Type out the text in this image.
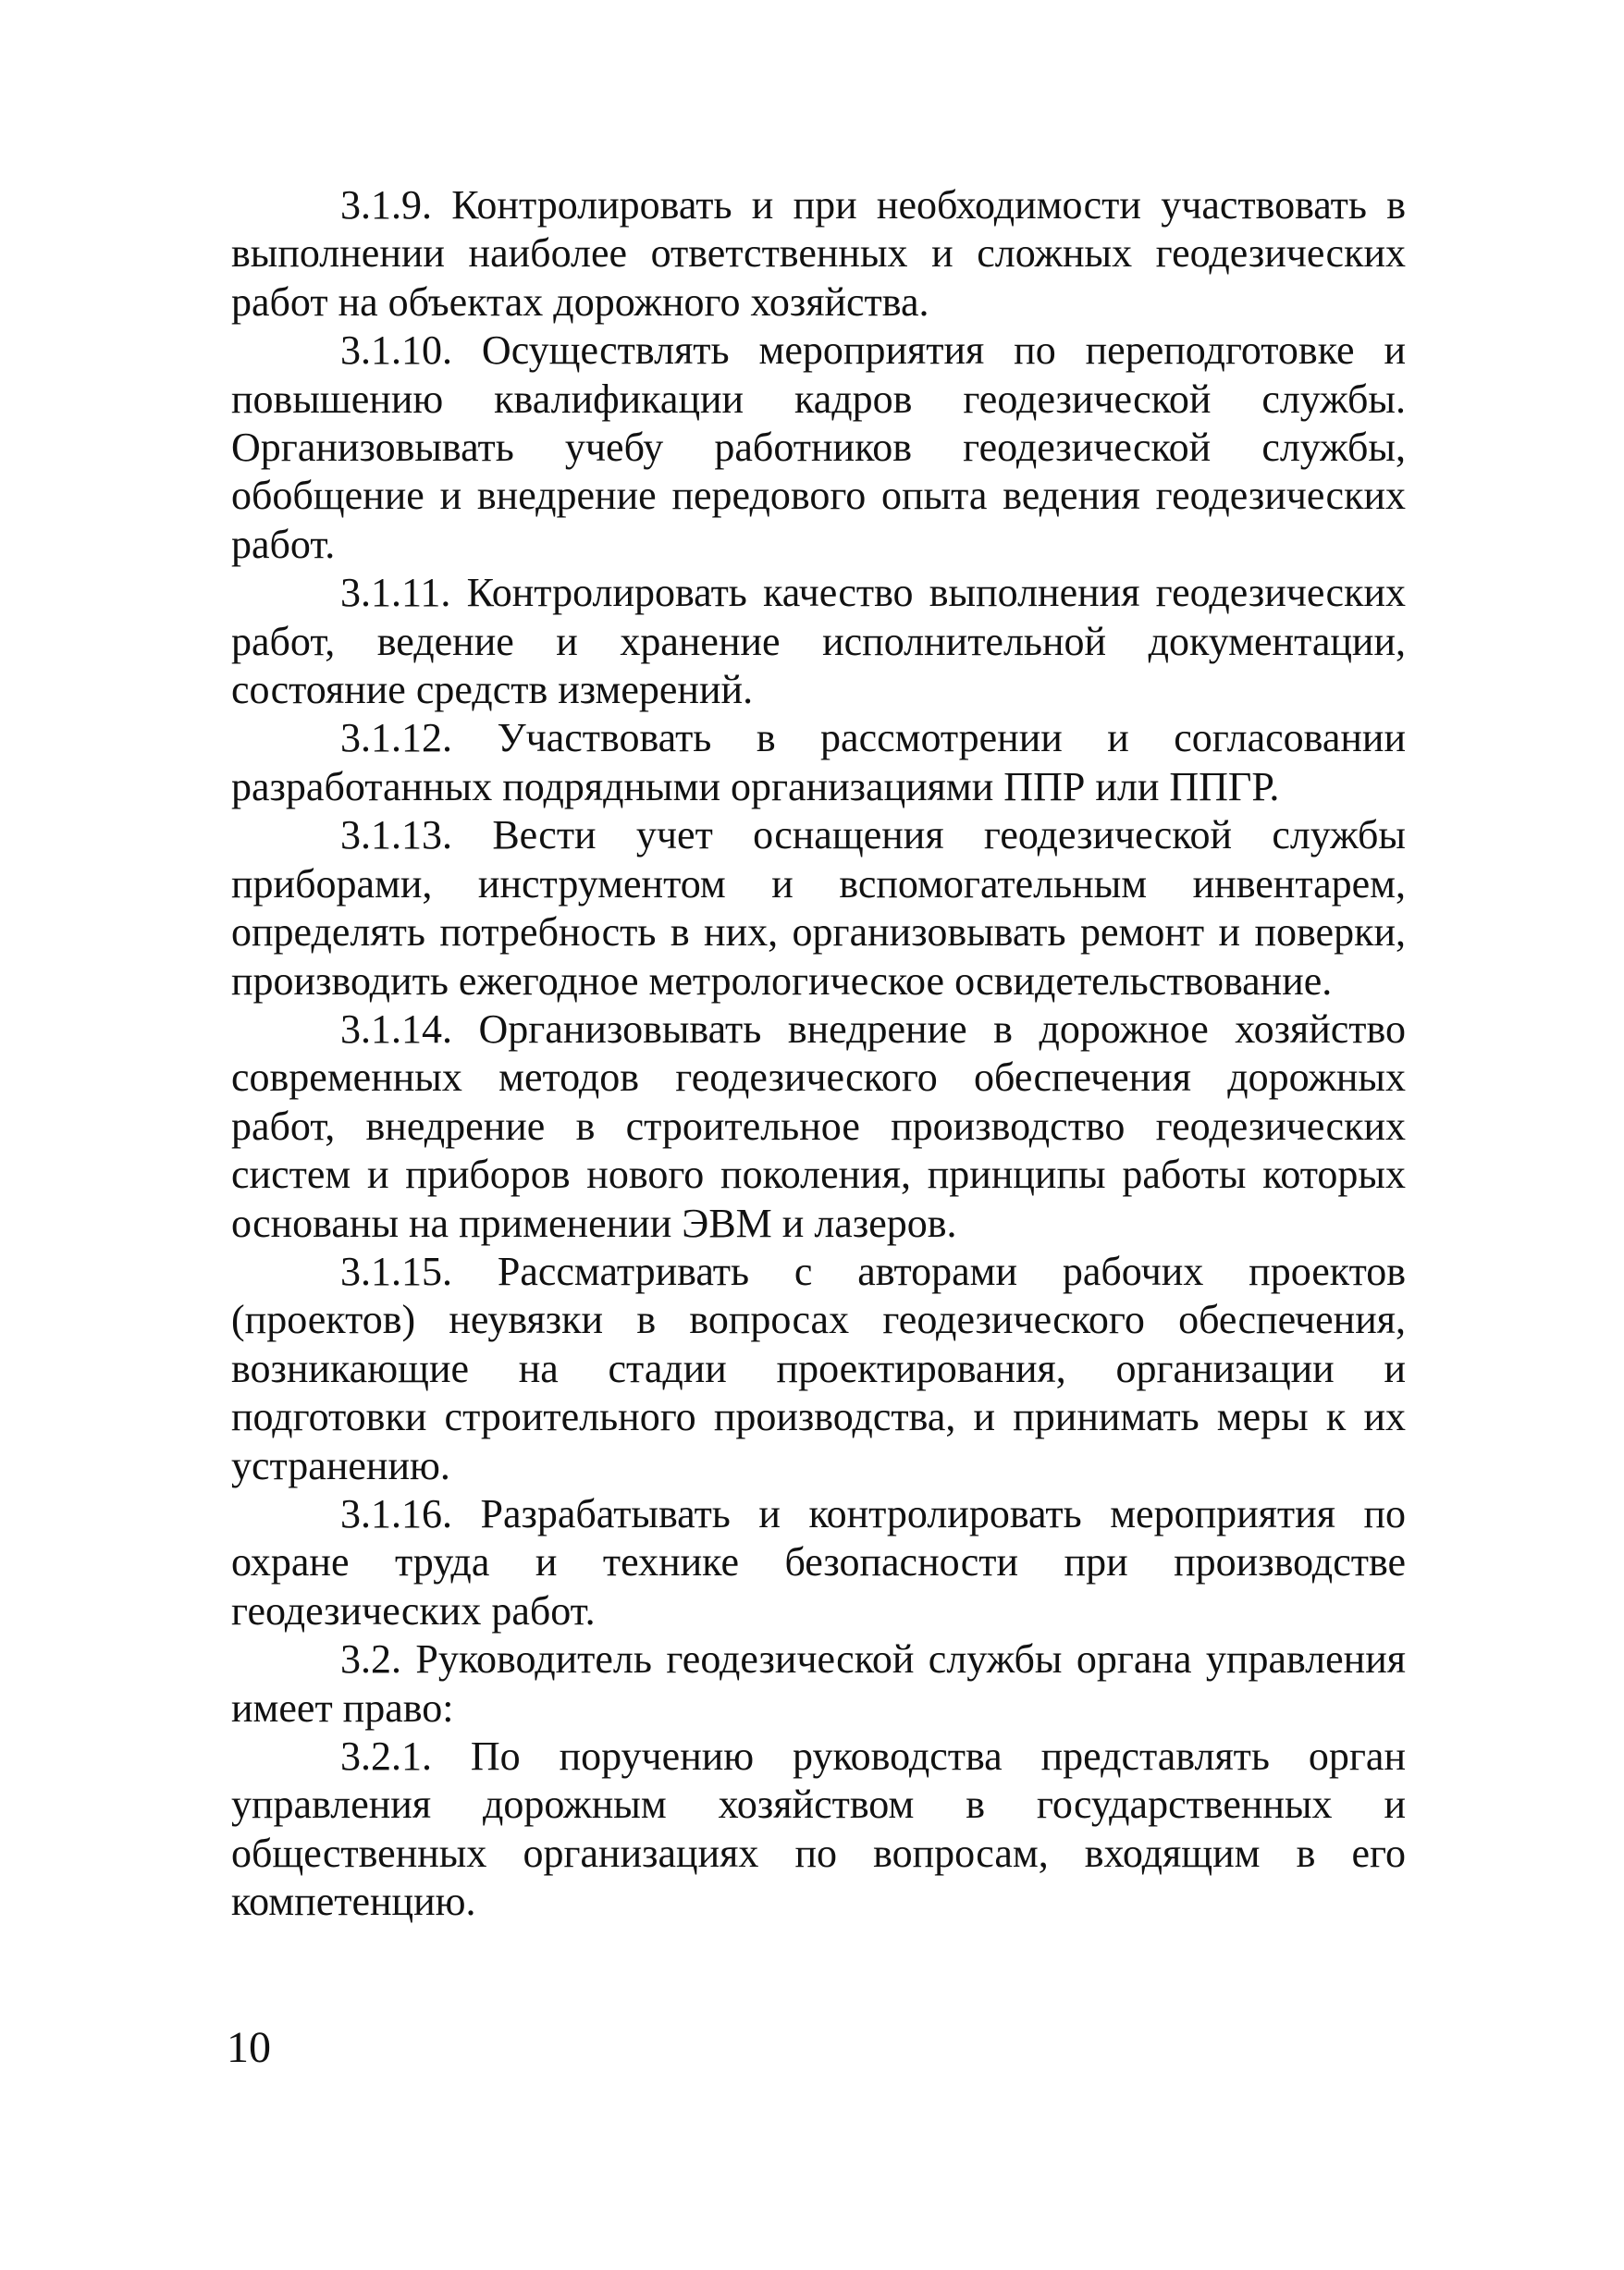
3.1.9. Контролировать и при необходимости участвовать в выполнении наиболее ответственных и сложных геодезических работ на объектах дорожного хозяйства.

3.1.10. Осуществлять мероприятия по переподготовке и повышению квалификации кадров геодезической службы. Организовывать учебу работников геодезической службы, обобщение и внедрение передового опыта ведения геодезических работ.

3.1.11. Контролировать качество выполнения геодезических работ, ведение и хранение исполнительной документации, состояние средств измерений.

3.1.12. Участвовать в рассмотрении и согласовании разработанных подрядными организациями ППР или ППГР.

3.1.13. Вести учет оснащения геодезической службы приборами, инструментом и вспомогательным инвентарем, определять потребность в них, организовывать ремонт и поверки, производить ежегодное метрологическое освидетельствование.

3.1.14. Организовывать внедрение в дорожное хозяйство современных методов геодезического обеспечения дорожных работ, внедрение в строительное производство геодезических систем и приборов нового поколения, принципы работы которых основаны на применении ЭВМ и лазеров.

3.1.15. Рассматривать с авторами рабочих проектов (проектов) неувязки в вопросах геодезического обеспечения, возникающие на стадии проектирования, организации и подготовки строительного производства, и принимать меры к их устранению.

3.1.16. Разрабатывать и контролировать мероприятия по охране труда и технике безопасности при производстве геодезических работ.

3.2. Руководитель геодезической службы органа управления имеет право:

3.2.1. По поручению руководства представлять орган управления дорожным хозяйством в государственных и общественных организациях по вопросам, входящим в его компетенцию.

10
